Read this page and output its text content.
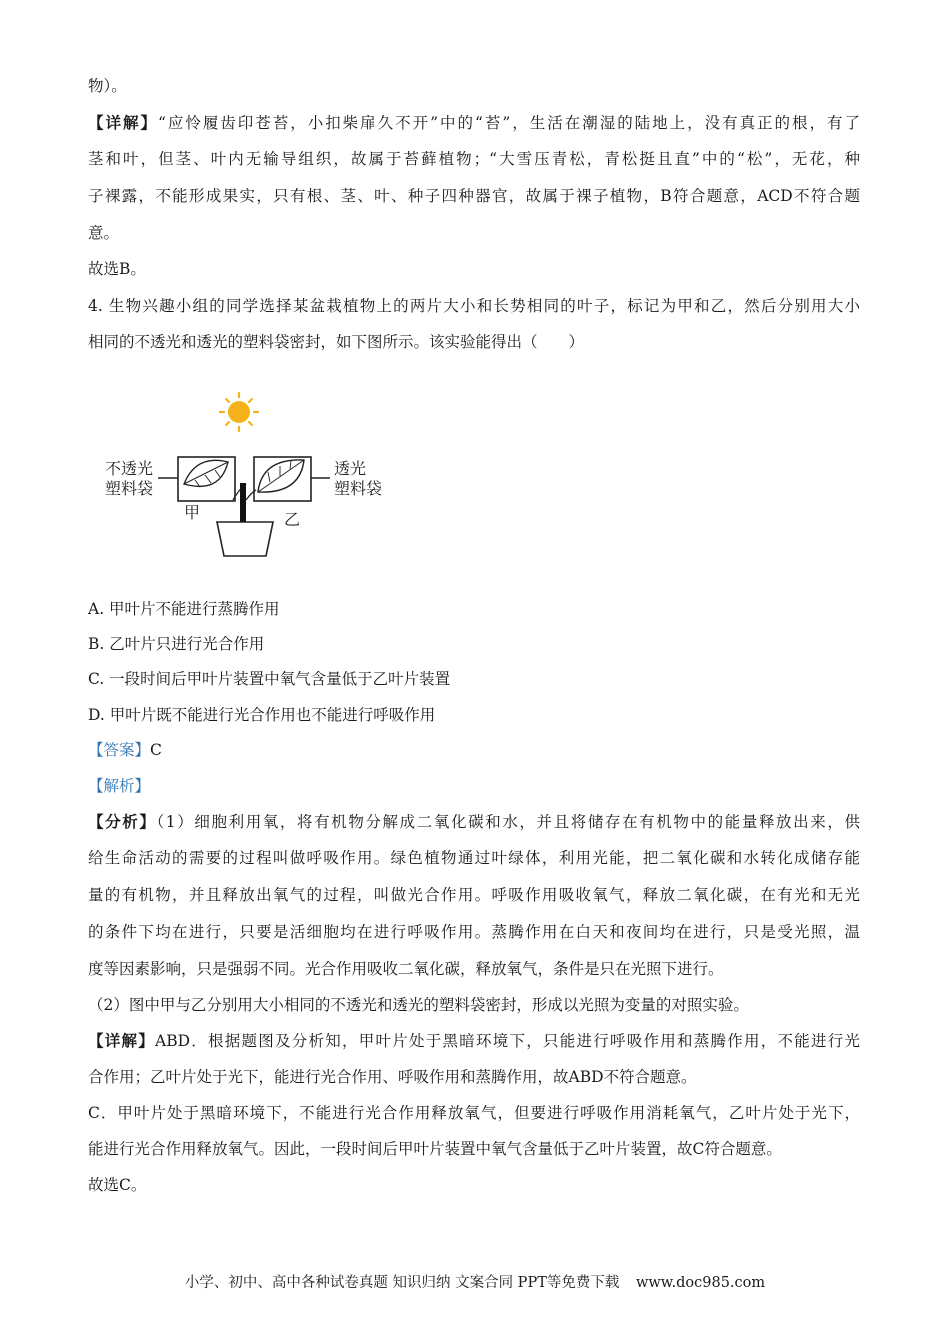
物）。
【详解】“应怜履齿印苍苔，小扣柴扉久不开”中的“苔”，生活在潮湿的陆地上，没有真正的根，有了
茎和叶，但茎、叶内无输导组织，故属于苔藓植物；“大雪压青松，青松挺且直”中的“松”，无花，种
子裸露，不能形成果实，只有根、茎、叶、种子四种器官，故属于裸子植物，B符合题意，ACD不符合题
意。
故选B。
4. 生物兴趣小组的同学选择某盆栽植物上的两片大小和长势相同的叶子，标记为甲和乙，然后分别用大小
相同的不透光和透光的塑料袋密封，如下图所示。该实验能得出（　　）
不透光
塑料袋
透光
塑料袋
甲	乙
A. 甲叶片不能进行蒸腾作用
B. 乙叶片只进行光合作用
C. 一段时间后甲叶片装置中氧气含量低于乙叶片装置
D. 甲叶片既不能进行光合作用也不能进行呼吸作用
【答案】C
【解析】
【分析】（1）细胞利用氧，将有机物分解成二氧化碳和水，并且将储存在有机物中的能量释放出来，供
给生命活动的需要的过程叫做呼吸作用。绿色植物通过叶绿体，利用光能，把二氧化碳和水转化成储存能
量的有机物，并且释放出氧气的过程，叫做光合作用。呼吸作用吸收氧气，释放二氧化碳，在有光和无光
的条件下均在进行，只要是活细胞均在进行呼吸作用。蒸腾作用在白天和夜间均在进行，只是受光照，温
度等因素影响，只是强弱不同。光合作用吸收二氧化碳，释放氧气，条件是只在光照下进行。
（2）图中甲与乙分别用大小相同的不透光和透光的塑料袋密封，形成以光照为变量的对照实验。
【详解】ABD．根据题图及分析知，甲叶片处于黑暗环境下，只能进行呼吸作用和蒸腾作用，不能进行光
合作用；乙叶片处于光下，能进行光合作用、呼吸作用和蒸腾作用，故ABD不符合题意。
C．甲叶片处于黑暗环境下，不能进行光合作用释放氧气，但要进行呼吸作用消耗氧气，乙叶片处于光下，
能进行光合作用释放氧气。因此，一段时间后甲叶片装置中氧气含量低于乙叶片装置，故C符合题意。
故选C。
小学、初中、高中各种试卷真题 知识归纳 文案合同 PPT等免费下载 www.doc985.com
